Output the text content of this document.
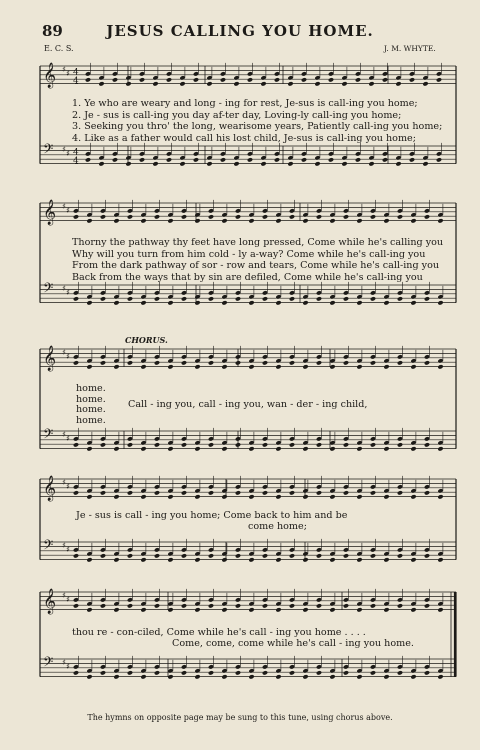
89	JESUS CALLING YOU HOME.
E. C. S.	J. M. WHYTE.
𝄞 ♯ ♯ 4
4
𝄢 ♯ ♯ 4
4
𝄞 ♯ ♯
𝄢 ♯ ♯
𝄞 ♯ ♯
𝄢 ♯ ♯
𝄞 ♯ ♯
𝄢 ♯ ♯
𝄞 ♯ ♯
𝄢 ♯ ♯
1. Ye who are weary and long - ing for rest, Je-sus is call-ing you home;
2. Je - sus is call-ing you day af-ter day, Loving-ly call-ing you home;
3. Seeking you thro' the long, wearisome years, Patiently call-ing you home;
4. Like as a father would call his lost child, Je-sus is call-ing you home;
Thorny the pathway thy feet have long pressed, Come while he's calling you
Why will you turn from him cold - ly a-way? Come while he's call-ing you
From the dark pathway of sor - row and tears, Come while he's call-ing you
Back from the ways that by sin are defiled, Come while he's call-ing you
CHORUS.
home.
home.
home.
home.
Call - ing you, call - ing you, wan - der - ing child,
Je - sus is call - ing you home; Come back to him and be
come home;
thou re - con-ciled, Come while he's call - ing you home . . . .
Come, come, come while he's call - ing you home.
The hymns on opposite page may be sung to this tune, using chorus above.
